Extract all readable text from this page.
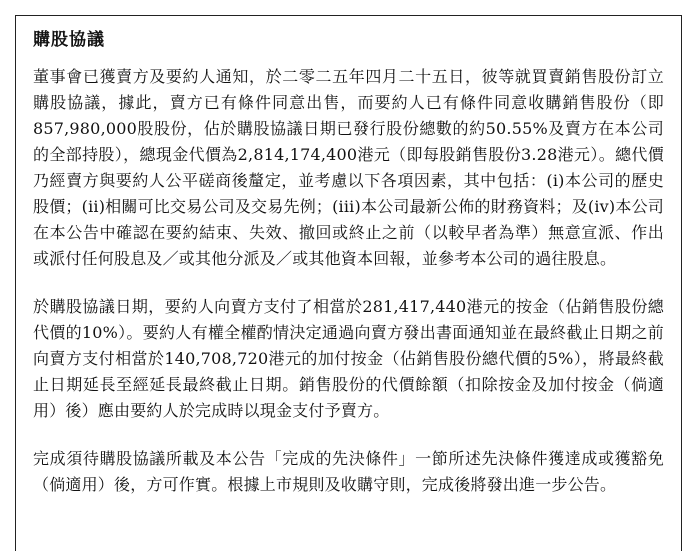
購股協議

董事會已獲賣方及要約人通知，於二零二五年四月二十五日，彼等就買賣銷售股份訂立購股協議，據此，賣方已有條件同意出售，而要約人已有條件同意收購銷售股份（即857,980,000股股份，佔於購股協議日期已發行股份總數的約50.55%及賣方在本公司的全部持股），總現金代價為2,814,174,400港元（即每股銷售股份3.28港元）。總代價乃經賣方與要約人公平磋商後釐定，並考慮以下各項因素，其中包括：(i)本公司的歷史股價；(ii)相關可比交易公司及交易先例；(iii)本公司最新公佈的財務資料；及(iv)本公司在本公告中確認在要約結束、失效、撤回或終止之前（以較早者為準）無意宣派、作出或派付任何股息及／或其他分派及／或其他資本回報，並參考本公司的過往股息。

於購股協議日期，要約人向賣方支付了相當於281,417,440港元的按金（佔銷售股份總代價的10%）。要約人有權全權酌情決定通過向賣方發出書面通知並在最終截止日期之前向賣方支付相當於140,708,720港元的加付按金（佔銷售股份總代價的5%），將最終截止日期延長至經延長最終截止日期。銷售股份的代價餘額（扣除按金及加付按金（倘適用）後）應由要約人於完成時以現金支付予賣方。

完成須待購股協議所載及本公告「完成的先決條件」一節所述先決條件獲達成或獲豁免（倘適用）後，方可作實。根據上市規則及收購守則，完成後將發出進一步公告。
